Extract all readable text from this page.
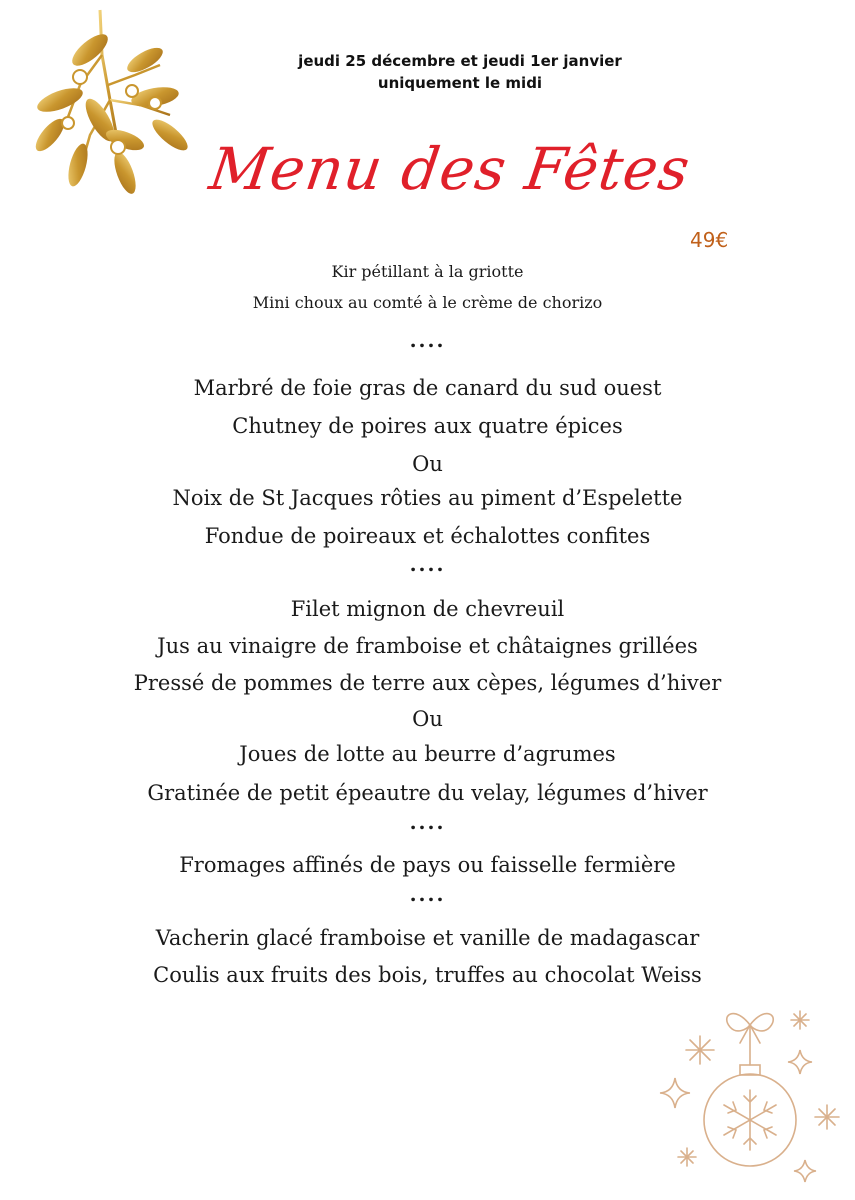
jeudi 25 décembre et jeudi 1er janvier
uniquement le midi
Menu des Fêtes
49€
Kir pétillant à la griotte
Mini choux au comté à le crème de chorizo
....
Marbré de foie gras de canard du sud ouest
Chutney de poires aux quatre épices
Ou
Noix de St Jacques rôties au piment d’Espelette
Fondue de poireaux et échalottes confites
....
Filet mignon de chevreuil
Jus au vinaigre de framboise et châtaignes grillées
Pressé de pommes de terre aux cèpes, légumes d’hiver
Ou
Joues de lotte au beurre d’agrumes
Gratinée de petit épeautre du velay, légumes d’hiver
....
Fromages affinés de pays ou faisselle fermière
....
Vacherin glacé framboise et vanille de madagascar
Coulis aux fruits des bois, truffes au chocolat Weiss
